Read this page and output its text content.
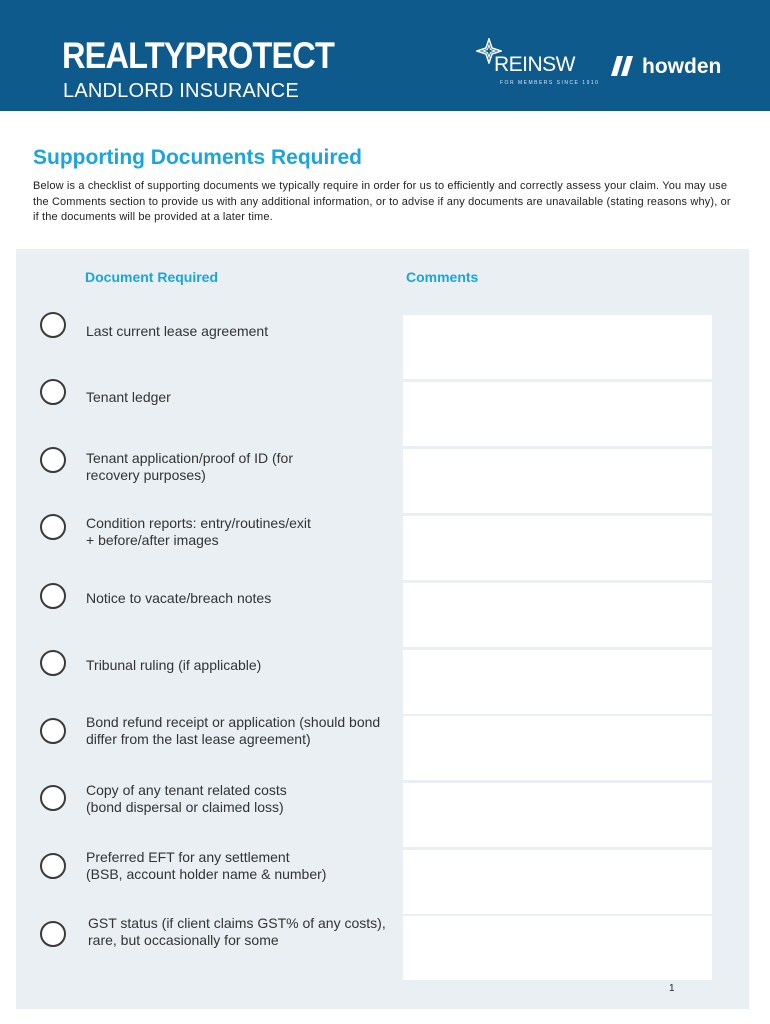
REALTYPROTECT
LANDLORD INSURANCE
REINSW
FOR MEMBERS SINCE 1910
howden
Supporting Documents Required

Below is a checklist of supporting documents we typically require in order for us to efficiently and correctly assess your claim. You may use the Comments section to provide us with any additional information, or to advise if any documents are unavailable (stating reasons why), or if the documents will be provided at a later time.

Document Required	Comments
Last current lease agreement
Tenant ledger
Tenant application/proof of ID (for
recovery purposes)
Condition reports: entry/routines/exit
+ before/after images
Notice to vacate/breach notes
Tribunal ruling (if applicable)
Bond refund receipt or application (should bond
differ from the last lease agreement)
Copy of any tenant related costs
(bond dispersal or claimed loss)
Preferred EFT for any settlement
(BSB, account holder name & number)
GST status (if client claims GST% of any costs),
rare, but occasionally for some
1
